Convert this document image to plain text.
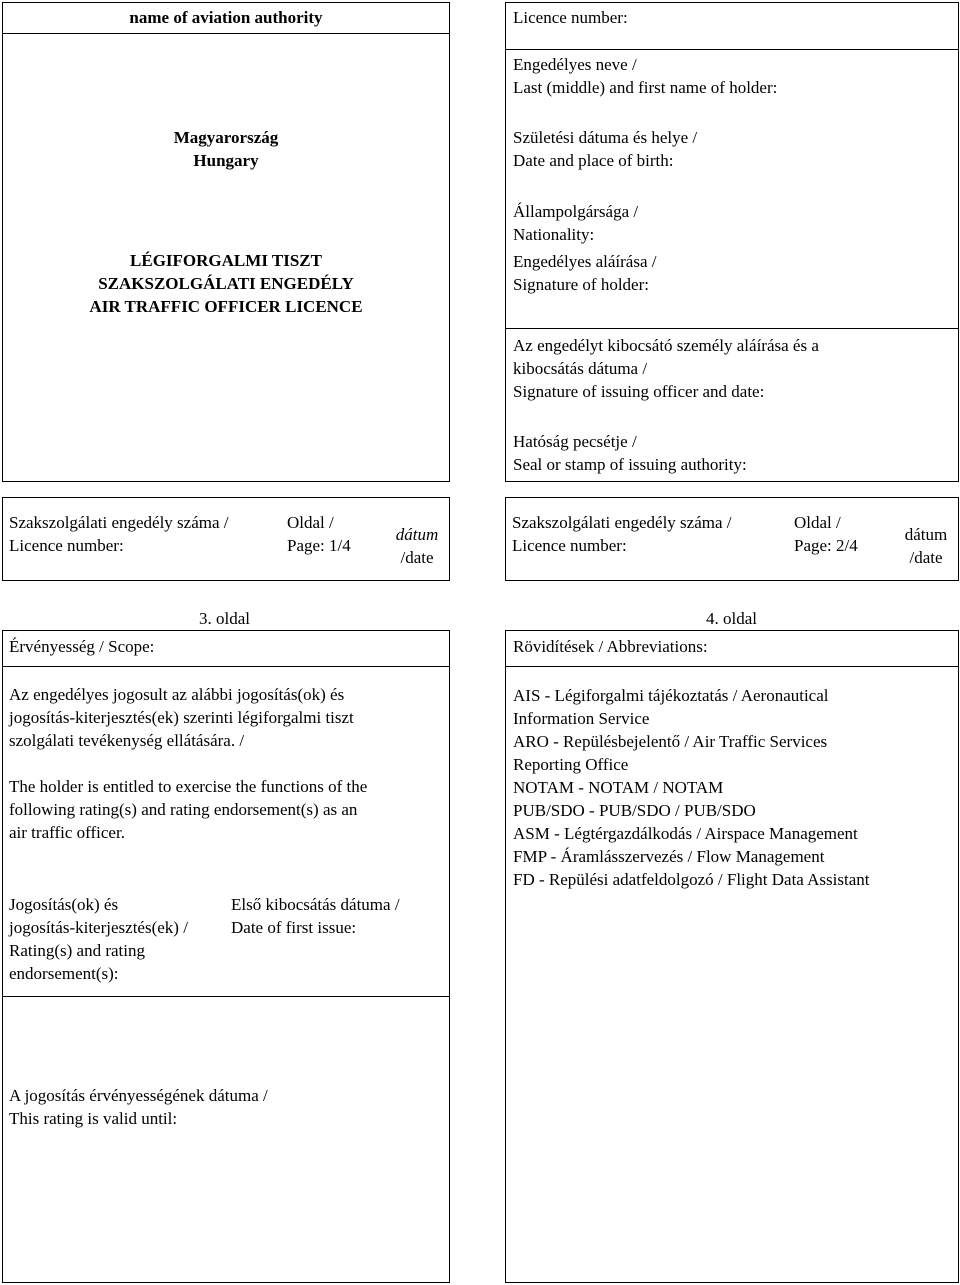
name of aviation authority
Magyarország
Hungary
LÉGIFORGALMI TISZT
SZAKSZOLGÁLATI ENGEDÉLY
AIR TRAFFIC OFFICER LICENCE
Licence number:
Engedélyes neve /
Last (middle) and first name of holder:
Születési dátuma és helye /
Date and place of birth:
Állampolgársága /
Nationality:
Engedélyes aláírása /
Signature of holder:
Az engedélyt kibocsátó személy aláírása és a
kibocsátás dátuma /
Signature of issuing officer and date:
Hatóság pecsétje /
Seal or stamp of issuing authority:
Szakszolgálati engedély száma /
Licence number:
Oldal /
Page: 1/4
dátum
/date
Szakszolgálati engedély száma /
Licence number:
Oldal /
Page: 2/4
dátum
/date
3. oldal
Érvényesség / Scope:
Az engedélyes jogosult az alábbi jogosítás(ok) és
jogosítás-kiterjesztés(ek) szerinti légiforgalmi tiszt
szolgálati tevékenység ellátására. /
The holder is entitled to exercise the functions of the
following rating(s) and rating endorsement(s) as an
air traffic officer.
Jogosítás(ok) és
jogosítás-kiterjesztés(ek) /
Rating(s) and rating
endorsement(s):
Első kibocsátás dátuma /
Date of first issue:
A jogosítás érvényességének dátuma /
This rating is valid until:
4. oldal
Rövidítések / Abbreviations:
AIS - Légiforgalmi tájékoztatás / Aeronautical
Information Service
ARO - Repülésbejelentő / Air Traffic Services
Reporting Office
NOTAM - NOTAM / NOTAM
PUB/SDO - PUB/SDO / PUB/SDO
ASM - Légtérgazdálkodás / Airspace Management
FMP - Áramlásszervezés / Flow Management
FD - Repülési adatfeldolgozó / Flight Data Assistant
